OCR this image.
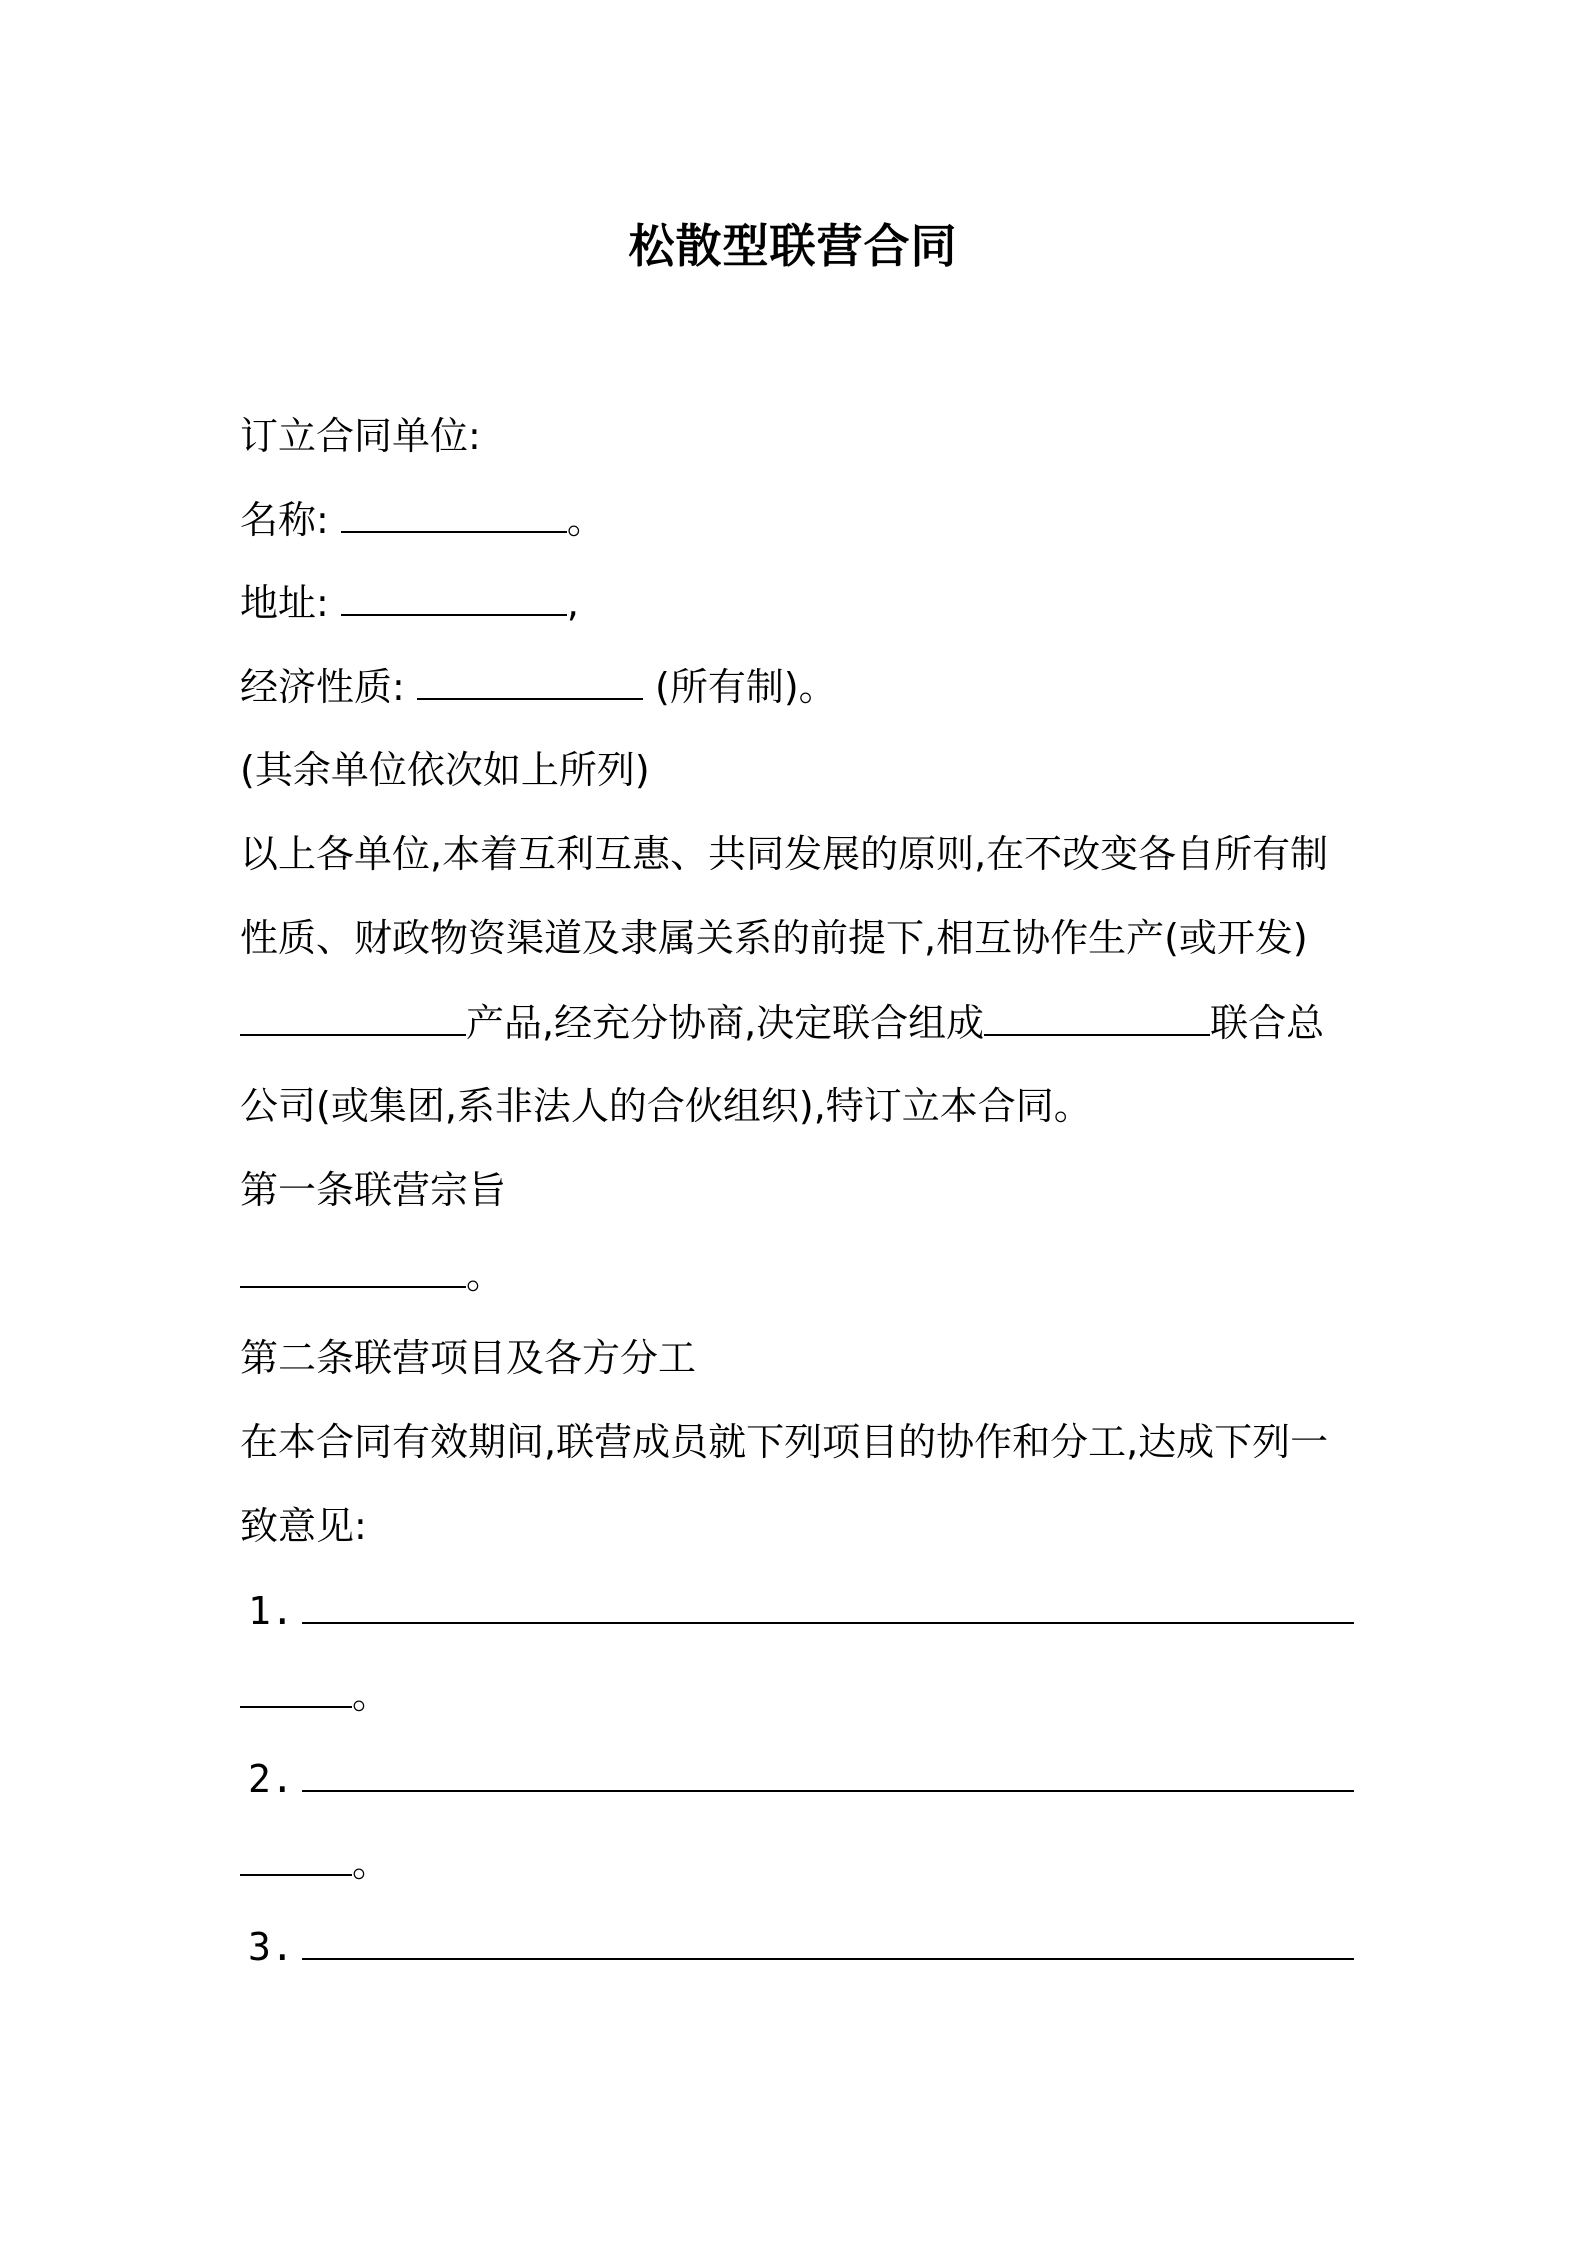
松散型联营合同
订立合同单位:
名称:	。
地址:	,
经济性质:	(所有制)。
(其余单位依次如上所列)
以上各单位,本着互利互惠、共同发展的原则,在不改变各自所有制
性质、财政物资渠道及隶属关系的前提下,相互协作生产(或开发)
产品,经充分协商,决定联合组成	联合总
公司(或集团,系非法人的合伙组织),特订立本合同。
第一条联营宗旨
。
第二条联营项目及各方分工
在本合同有效期间,联营成员就下列项目的协作和分工,达成下列一
致意见:
1.
。
2.
。
3.
